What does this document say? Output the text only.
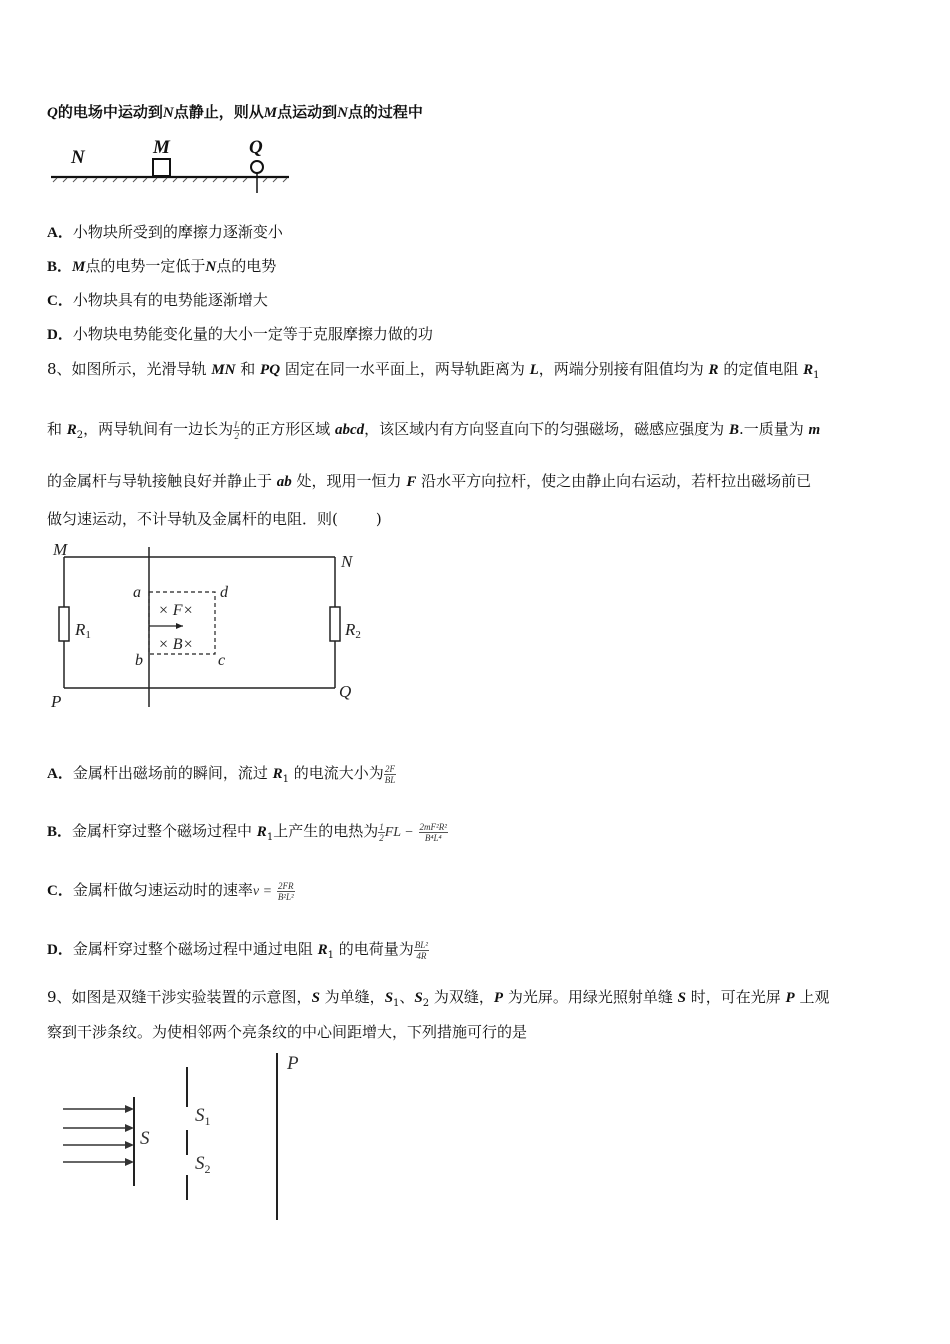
Q的电场中运动到N点静止，则从M点运动到N点的过程中
N	M	Q
A．小物块所受到的摩擦力逐渐变小
B．M点的电势一定低于N点的电势
C．小物块具有的电势能逐渐增大
D．小物块电势能变化量的大小一定等于克服摩擦力做的功
8、如图所示，光滑导轨 MN 和 PQ 固定在同一水平面上，两导轨距离为 L，两端分别接有阻值均为 R 的定值电阻 $R_1$
和 $R_2$，两导轨间有一边长为 $\frac{L}{2}$ 的正方形区域 abcd，该区域内有方向竖直向下的匀强磁场，磁感应强度为 B.一质量为 m
的金属杆与导轨接触良好并静止于 ab 处，现用一恒力 F 沿水平方向拉杆，使之由静止向右运动，若杆拉出磁场前已
做匀速运动，不计导轨及金属杆的电阻．则(	)
M
N
P
Q
a	d
b	c
× F×
× B×
R1	R2
A．金属杆出磁场前的瞬间，流过 $R_1$ 的电流大小为 $\frac{2F}{BL}$
B．金属杆穿过整个磁场过程中 $R_1$上产生的电热为 $\frac{1}{2}$ FL − $\frac{\text{2mF²R²}}{\text{B⁴L⁴}}$
C．金属杆做匀速运动时的速率$v = \frac{2FR}{\text{B²L²}}$
D．金属杆穿过整个磁场过程中通过电阻 $R_1$ 的电荷量为 $\frac{\text{BL²}}{4R}$
9、如图是双缝干涉实验装置的示意图，S 为单缝，$S_1$、$S_2$ 为双缝，P 为光屏。用绿光照射单缝 S 时，可在光屏 P 上观
察到干涉条纹。为使相邻两个亮条纹的中心间距增大，下列措施可行的是
P
S
$S_1$
$S_2$
